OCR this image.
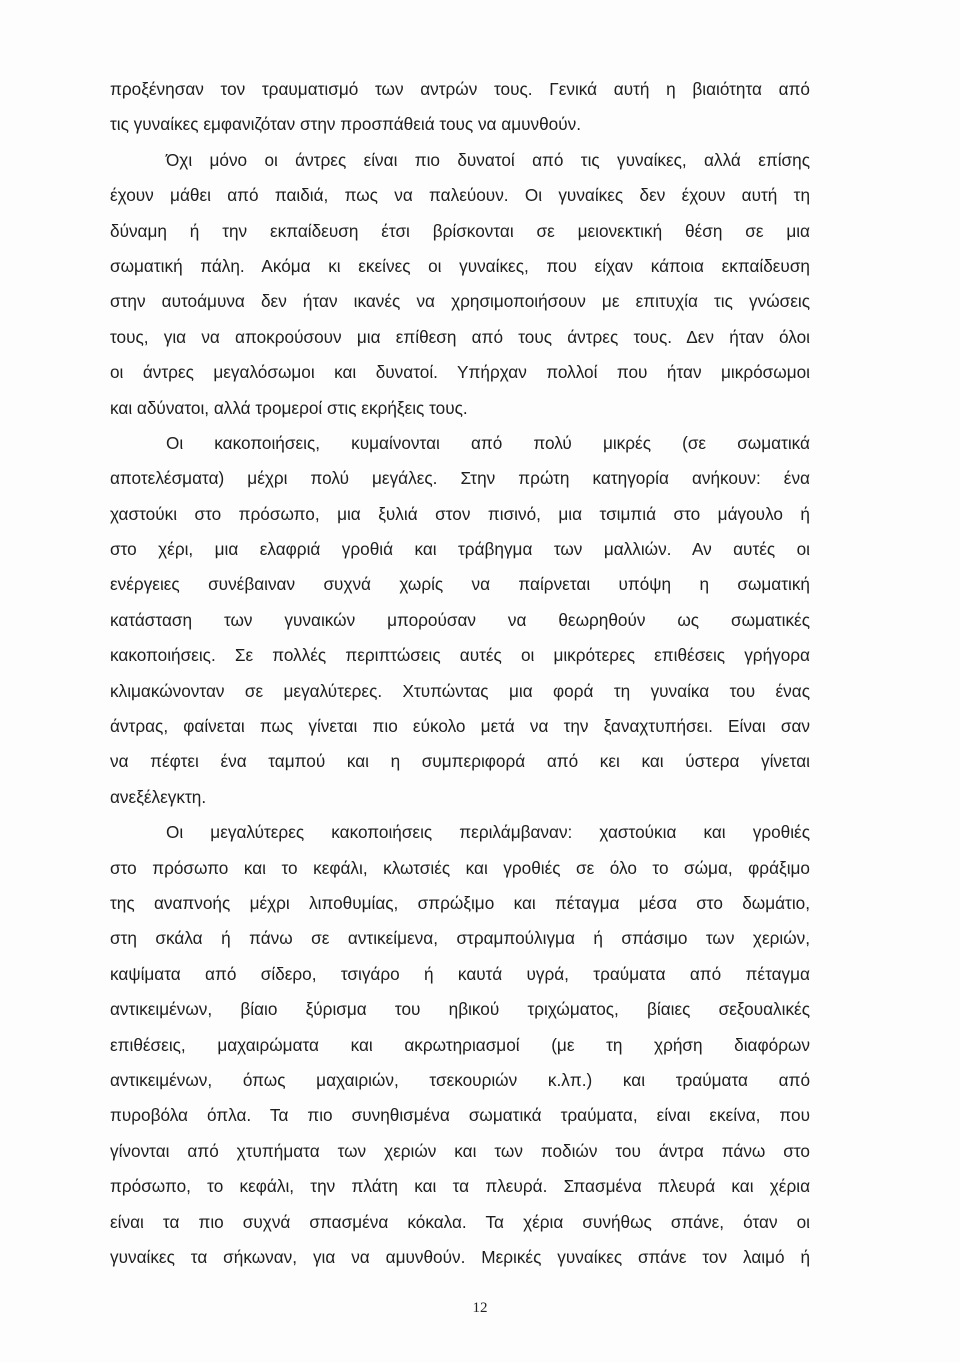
προξένησαν τον τραυματισμό των αντρών τους. Γενικά αυτή η βιαιότητα από
τις γυναίκες εμφανιζόταν στην προσπάθειά τους να αμυνθούν.
Όχι μόνο οι άντρες είναι πιο δυνατοί από τις γυναίκες, αλλά επίσης
έχουν μάθει από παιδιά, πως να παλεύουν. Οι γυναίκες δεν έχουν αυτή τη
δύναμη ή την εκπαίδευση έτσι βρίσκονται σε μειονεκτική θέση σε μια
σωματική πάλη. Ακόμα κι εκείνες οι γυναίκες, που είχαν κάποια εκπαίδευση
στην αυτοάμυνα δεν ήταν ικανές να χρησιμοποιήσουν με επιτυχία τις γνώσεις
τους, για να αποκρούσουν μια επίθεση από τους άντρες τους. Δεν ήταν όλοι
οι άντρες μεγαλόσωμοι και δυνατοί. Υπήρχαν πολλοί που ήταν μικρόσωμοι
και αδύνατοι, αλλά τρομεροί στις εκρήξεις τους.
Οι κακοποιήσεις, κυμαίνονται από πολύ μικρές (σε σωματικά
αποτελέσματα) μέχρι πολύ μεγάλες. Στην πρώτη κατηγορία ανήκουν: ένα
χαστούκι στο πρόσωπο, μια ξυλιά στον πισινό, μια τσιμπιά στο μάγουλο ή
στο χέρι, μια ελαφριά γροθιά και τράβηγμα των μαλλιών. Αν αυτές οι
ενέργειες συνέβαιναν συχνά χωρίς να παίρνεται υπόψη η σωματική
κατάσταση των γυναικών μπορούσαν να θεωρηθούν ως σωματικές
κακοποιήσεις. Σε πολλές περιπτώσεις αυτές οι μικρότερες επιθέσεις γρήγορα
κλιμακώνονταν σε μεγαλύτερες. Χτυπώντας μια φορά τη γυναίκα του ένας
άντρας, φαίνεται πως γίνεται πιο εύκολο μετά να την ξαναχτυπήσει. Είναι σαν
να πέφτει ένα ταμπού και η συμπεριφορά από κει και ύστερα γίνεται
ανεξέλεγκτη.
Οι μεγαλύτερες κακοποιήσεις περιλάμβαναν: χαστούκια και γροθιές
στο πρόσωπο και το κεφάλι, κλωτσιές και γροθιές σε όλο το σώμα, φράξιμο
της αναπνοής μέχρι λιποθυμίας, σπρώξιμο και πέταγμα μέσα στο δωμάτιο,
στη σκάλα ή πάνω σε αντικείμενα, στραμπούλιγμα ή σπάσιμο των χεριών,
καψίματα από σίδερο, τσιγάρο ή καυτά υγρά, τραύματα από πέταγμα
αντικειμένων, βίαιο ξύρισμα του ηβικού τριχώματος, βίαιες σεξουαλικές
επιθέσεις, μαχαιρώματα και ακρωτηριασμοί (με τη χρήση διαφόρων
αντικειμένων, όπως μαχαιριών, τσεκουριών κ.λπ.) και τραύματα από
πυροβόλα όπλα. Τα πιο συνηθισμένα σωματικά τραύματα, είναι εκείνα, που
γίνονται από χτυπήματα των χεριών και των ποδιών του άντρα πάνω στο
πρόσωπο, το κεφάλι, την πλάτη και τα πλευρά. Σπασμένα πλευρά και χέρια
είναι τα πιο συχνά σπασμένα κόκαλα. Τα χέρια συνήθως σπάνε, όταν οι
γυναίκες τα σήκωναν, για να αμυνθούν. Μερικές γυναίκες σπάνε τον λαιμό ή
12
